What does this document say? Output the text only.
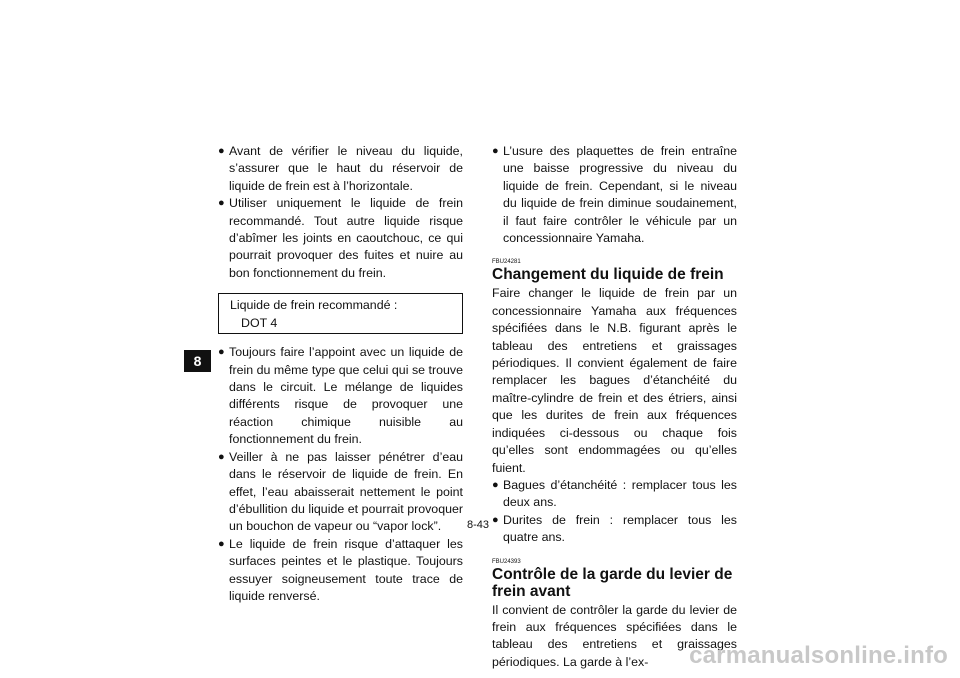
8
● Avant de vérifier le niveau du liquide, s’assurer que le haut du réservoir de liquide de frein est à l’horizontale.
● Utiliser uniquement le liquide de frein recommandé. Tout autre liquide risque d’abîmer les joints en caoutchouc, ce qui pourrait provoquer des fuites et nuire au bon fonctionnement du frein.
Liquide de frein recommandé :
DOT 4
● Toujours faire l’appoint avec un liquide de frein du même type que celui qui se trouve dans le circuit. Le mélange de liquides différents risque de provoquer une réaction chimique nuisible au fonctionnement du frein.
● Veiller à ne pas laisser pénétrer d’eau dans le réservoir de liquide de frein. En effet, l’eau abaisserait nettement le point d’ébullition du liquide et pourrait provoquer un bouchon de vapeur ou “vapor lock”.
● Le liquide de frein risque d’attaquer les surfaces peintes et le plastique. Toujours essuyer soigneusement toute trace de liquide renversé.
● L’usure des plaquettes de frein entraîne une baisse progressive du niveau du liquide de frein. Cependant, si le niveau du liquide de frein diminue soudainement, il faut faire contrôler le véhicule par un concessionnaire Yamaha.
FBU24281
Changement du liquide de frein
Faire changer le liquide de frein par un concessionnaire Yamaha aux fréquences spécifiées dans le N.B. figurant après le tableau des entretiens et graissages périodiques. Il convient également de faire remplacer les bagues d’étanchéité du maître-cylindre de frein et des étriers, ainsi que les durites de frein aux fréquences indiquées ci-dessous ou chaque fois qu’elles sont endommagées ou qu’elles fuient.
● Bagues d’étanchéité : remplacer tous les deux ans.
● Durites de frein : remplacer tous les quatre ans.
FBU24393
Contrôle de la garde du levier de frein avant
Il convient de contrôler la garde du levier de frein aux fréquences spécifiées dans le tableau des entretiens et graissages périodiques. La garde à l’ex-
8-43
carmanualsonline.info
